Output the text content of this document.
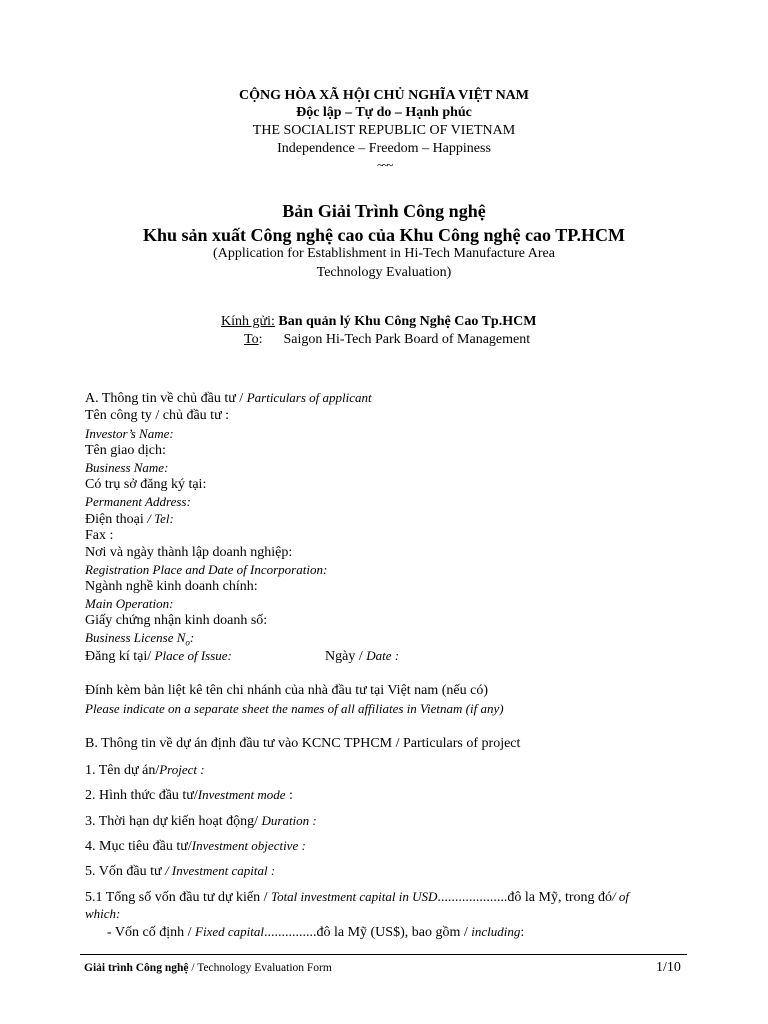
CỘNG HÒA XÃ HỘI CHỦ NGHĨA VIỆT NAM
Độc lập – Tự do – Hạnh phúc
THE SOCIALIST REPUBLIC OF VIETNAM
Independence – Freedom – Happiness
~~~
Bản Giải Trình Công nghệ
Khu sản xuất Công nghệ cao của Khu Công nghệ cao TP.HCM
(Application for Establishment in Hi-Tech Manufacture Area
Technology Evaluation)
Kính gửi: Ban quản lý Khu Công Nghệ Cao Tp.HCM
To: Saigon Hi-Tech Park Board of Management
A. Thông tin về chủ đầu tư / Particulars of applicant
Tên công ty / chủ đầu tư :
Investor’s Name:
Tên giao dịch:
Business Name:
Có trụ sở đăng ký tại:
Permanent Address:
Điện thoại / Tel:
Fax :
Nơi và ngày thành lập doanh nghiệp:
Registration Place and Date of Incorporation:
Ngành nghề kinh doanh chính:
Main Operation:
Giấy chứng nhận kinh doanh số:
Business License $N_o$:
Đăng kí tại/ Place of Issue:	Ngày / Date :
Đính kèm bản liệt kê tên chi nhánh của nhà đầu tư tại Việt nam (nếu có)
Please indicate on a separate sheet the names of all affiliates in Vietnam (if any)
B. Thông tin về dự án định đầu tư vào KCNC TPHCM / Particulars of project
1. Tên dự án/Project :
2. Hình thức đầu tư/Investment mode :
3. Thời hạn dự kiến hoạt động/ Duration :
4. Mục tiêu đầu tư/Investment objective :
5. Vốn đầu tư / Investment capital :
5.1 Tổng số vốn đầu tư dự kiến / Total investment capital in USD....................đô la Mỹ, trong đó/ of
which:
- Vốn cố định / Fixed capital...............đô la Mỹ (US$), bao gồm / including:
Giải trình Công nghệ / Technology Evaluation Form	1/10
